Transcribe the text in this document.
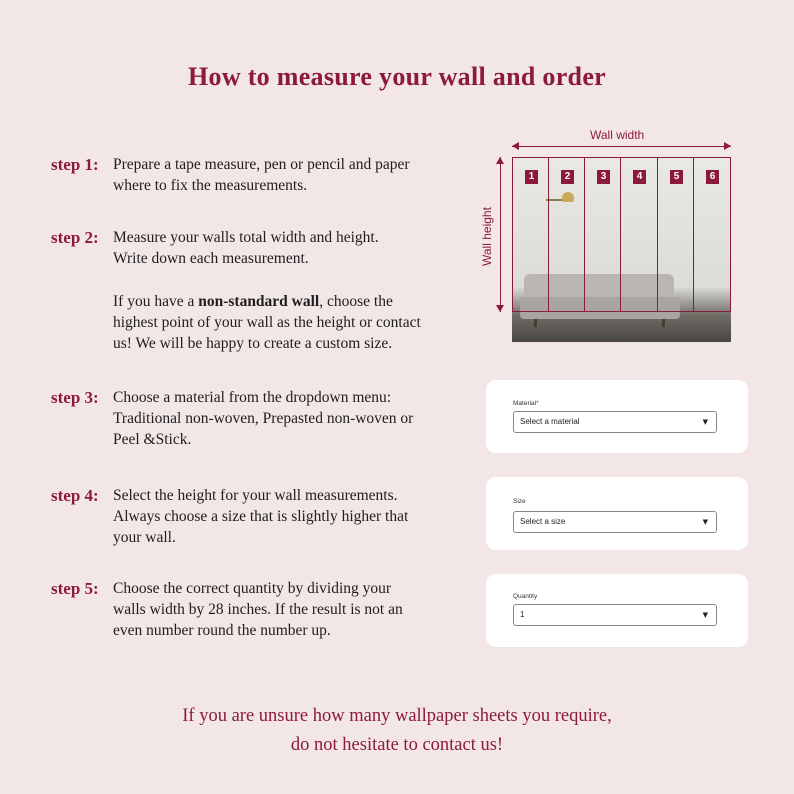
How to measure your wall and order
step 1: Prepare a tape measure, pen or pencil and paper
where to fix the measurements.
step 2: Measure your walls total width and height.
Write down each measurement.
If you have a non-standard wall, choose the
highest point of your wall as the height or contact
us! We will be happy to create a custom size.
step 3: Choose a material from the dropdown menu:
Traditional non-woven, Prepasted non-woven or
Peel &Stick.
step 4: Select the height for your wall measurements.
Always choose a size that is slightly higher that
your wall.
step 5: Choose the correct quantity by dividing your
walls width by 28 inches. If the result is not an
even number round the number up.
Wall width
Wall height
1	2	3	4	5	6
Material*
Select a material	▼
Size
Select a size	▼
Quantity
1	▼
If you are unsure how many wallpaper sheets you require,
do not hesitate to contact us!
